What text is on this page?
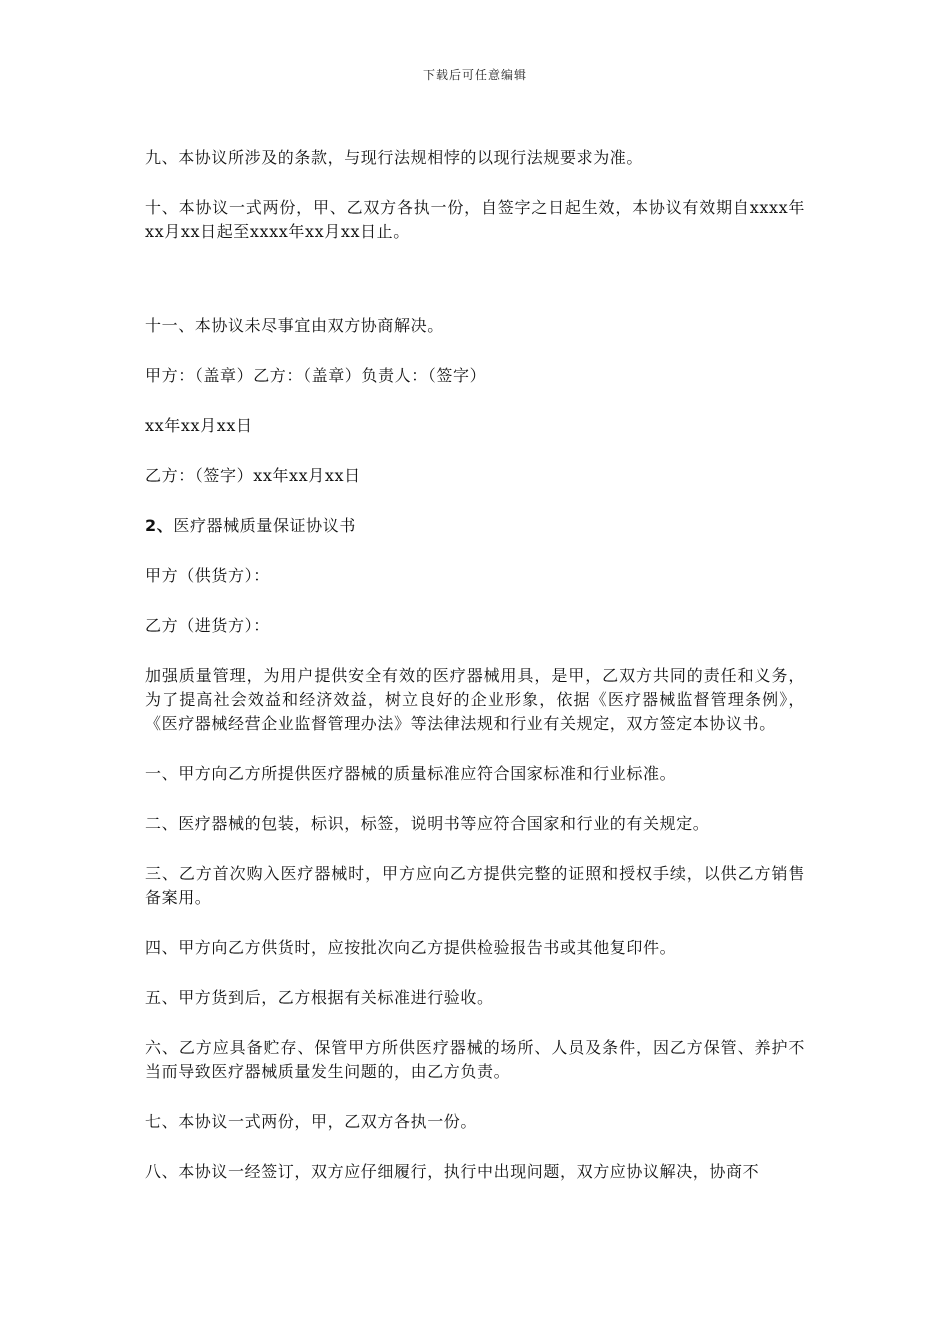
下载后可任意编辑

九、本协议所涉及的条款，与现行法规相悖的以现行法规要求为准。

十、本协议一式两份，甲、乙双方各执一份，自签字之日起生效，本协议有效期自xxxx年xx月xx日起至xxxx年xx月xx日止。

十一、本协议未尽事宜由双方协商解决。

甲方：（盖章）乙方：（盖章）负责人：（签字）

xx年xx月xx日

乙方：（签字）xx年xx月xx日

2、医疗器械质量保证协议书

甲方（供货方）：

乙方（进货方）：

加强质量管理，为用户提供安全有效的医疗器械用具，是甲，乙双方共同的责任和义务，为了提高社会效益和经济效益，树立良好的企业形象，依据《医疗器械监督管理条例》，《医疗器械经营企业监督管理办法》等法律法规和行业有关规定，双方签定本协议书。

一、甲方向乙方所提供医疗器械的质量标准应符合国家标准和行业标准。

二、医疗器械的包装，标识，标签，说明书等应符合国家和行业的有关规定。

三、乙方首次购入医疗器械时，甲方应向乙方提供完整的证照和授权手续，以供乙方销售备案用。

四、甲方向乙方供货时，应按批次向乙方提供检验报告书或其他复印件。

五、甲方货到后，乙方根据有关标准进行验收。

六、乙方应具备贮存、保管甲方所供医疗器械的场所、人员及条件，因乙方保管、养护不当而导致医疗器械质量发生问题的，由乙方负责。

七、本协议一式两份，甲，乙双方各执一份。

八、本协议一经签订，双方应仔细履行，执行中出现问题，双方应协议解决，协商不
